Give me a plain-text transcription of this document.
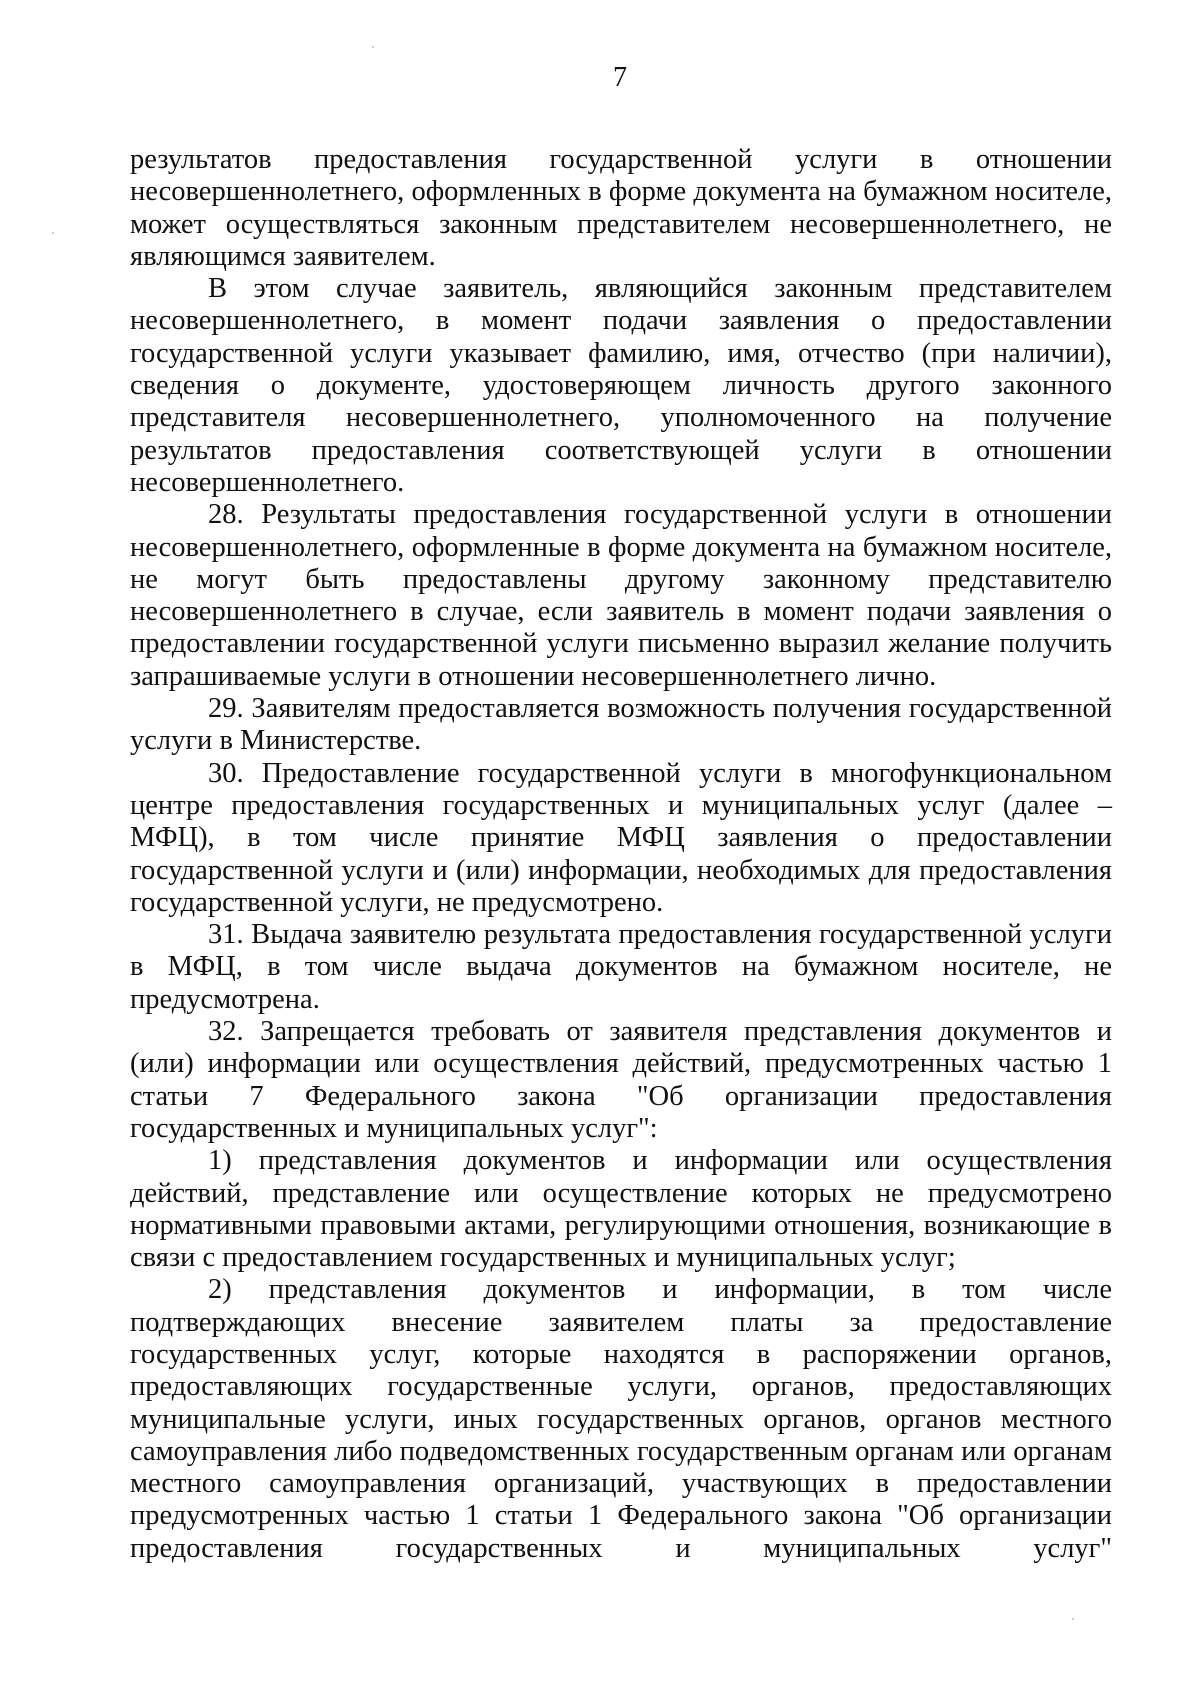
7

результатов предоставления государственной услуги в отношении несовершеннолетнего, оформленных в форме документа на бумажном носителе, может осуществляться законным представителем несовершеннолетнего, не являющимся заявителем.

В этом случае заявитель, являющийся законным представителем несовершеннолетнего, в момент подачи заявления о предоставлении государственной услуги указывает фамилию, имя, отчество (при наличии), сведения о документе, удостоверяющем личность другого законного представителя несовершеннолетнего, уполномоченного на получение результатов предоставления соответствующей услуги в отношении несовершеннолетнего.

28. Результаты предоставления государственной услуги в отношении несовершеннолетнего, оформленные в форме документа на бумажном носителе, не могут быть предоставлены другому законному представителю несовершеннолетнего в случае, если заявитель в момент подачи заявления о предоставлении государственной услуги письменно выразил желание получить запрашиваемые услуги в отношении несовершеннолетнего лично.

29. Заявителям предоставляется возможность получения государственной услуги в Министерстве.

30. Предоставление государственной услуги в многофункциональном центре предоставления государственных и муниципальных услуг (далее – МФЦ), в том числе принятие МФЦ заявления о предоставлении государственной услуги и (или) информации, необходимых для предоставления государственной услуги, не предусмотрено.

31. Выдача заявителю результата предоставления государственной услуги в МФЦ, в том числе выдача документов на бумажном носителе, не предусмотрена.

32. Запрещается требовать от заявителя представления документов и (или) информации или осуществления действий, предусмотренных частью 1 статьи 7 Федерального закона "Об организации предоставления государственных и муниципальных услуг":

1) представления документов и информации или осуществления действий, представление или осуществление которых не предусмотрено нормативными правовыми актами, регулирующими отношения, возникающие в связи с предоставлением государственных и муниципальных услуг;

2) представления документов и информации, в том числе подтверждающих внесение заявителем платы за предоставление государственных услуг, которые находятся в распоряжении органов, предоставляющих государственные услуги, органов, предоставляющих муниципальные услуги, иных государственных органов, органов местного самоуправления либо подведомственных государственным органам или органам местного самоуправления организаций, участвующих в предоставлении предусмотренных частью 1 статьи 1 Федерального закона "Об организации предоставления государственных и муниципальных услуг"
